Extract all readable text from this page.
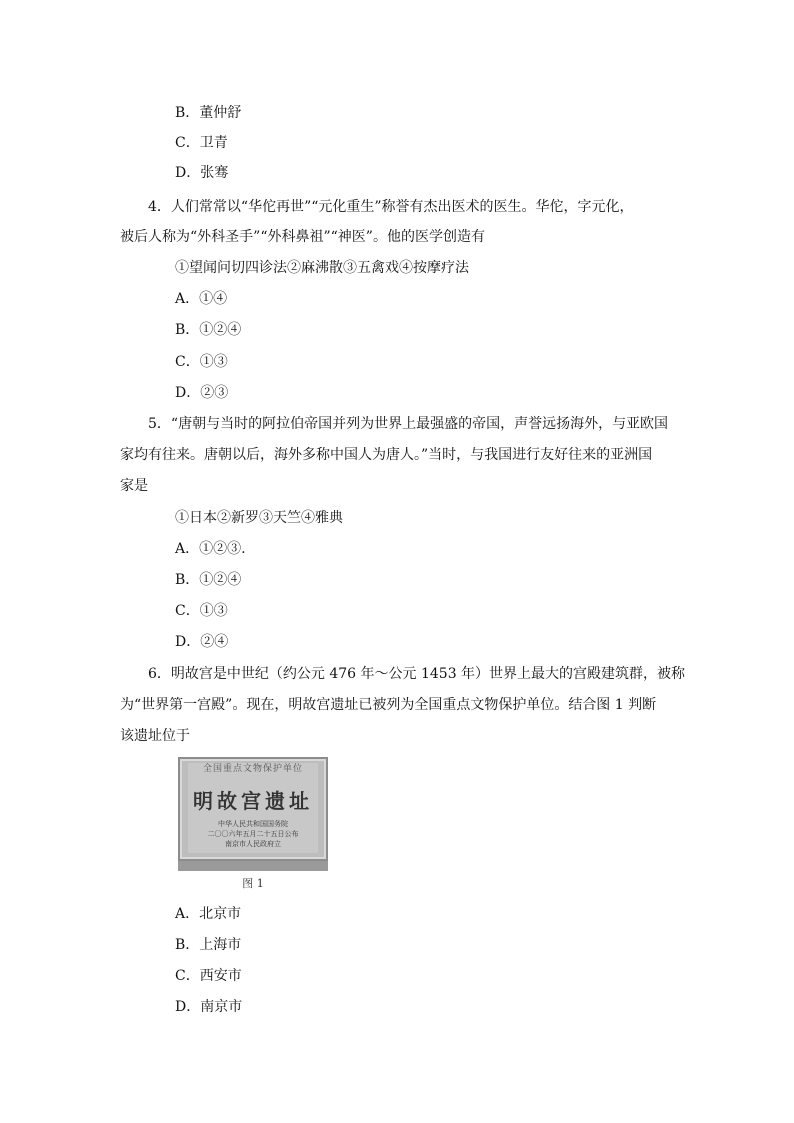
B．董仲舒
C．卫青
D．张骞
4．人们常常以“华佗再世”“元化重生”称誉有杰出医术的医生。华佗，字元化，
被后人称为“外科圣手”“外科鼻祖”“神医”。他的医学创造有
①望闻问切四诊法②麻沸散③五禽戏④按摩疗法
A．①④
B．①②④
C．①③
D．②③
5．“唐朝与当时的阿拉伯帝国并列为世界上最强盛的帝国，声誉远扬海外，与亚欧国
家均有往来。唐朝以后，海外多称中国人为唐人。”当时，与我国进行友好往来的亚洲国
家是
①日本②新罗③天竺④雅典
A．①②③.
B．①②④
C．①③
D．②④
6．明故宫是中世纪（约公元 476 年～公元 1453 年）世界上最大的宫殿建筑群，被称
为“世界第一宫殿”。现在，明故宫遗址已被列为全国重点文物保护单位。结合图 1 判断
该遗址位于
全国重点文物保护单位
明故宫遗址
中华人民共和国国务院
二〇〇六年五月二十五日公布
南京市人民政府立
图 1
A．北京市
B．上海市
C．西安市
D．南京市
